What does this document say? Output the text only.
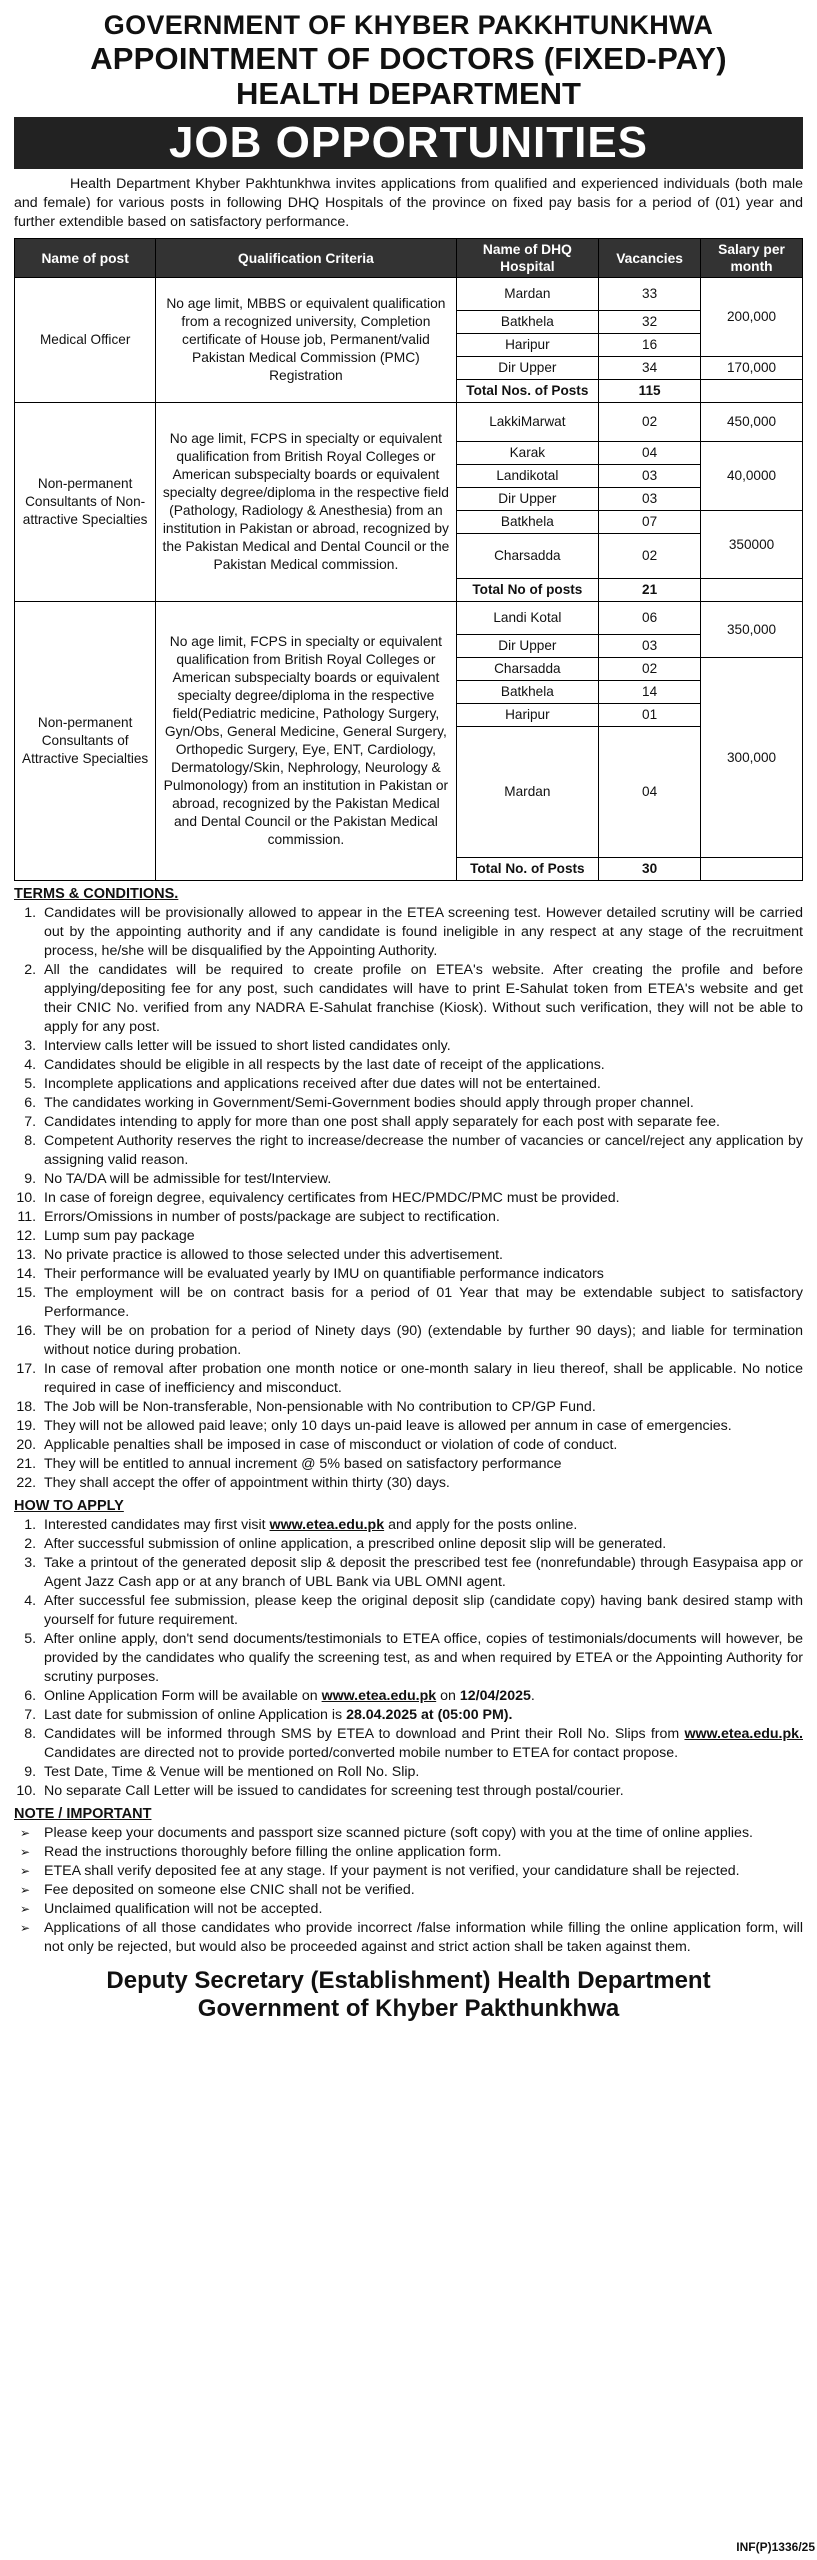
GOVERNMENT OF KHYBER PAKKHTUNKHWA
APPOINTMENT OF DOCTORS (FIXED-PAY)
HEALTH DEPARTMENT
JOB OPPORTUNITIES

Health Department Khyber Pakhtunkhwa invites applications from qualified and experienced individuals (both male and female) for various posts in following DHQ Hospitals of the province on fixed pay basis for a period of (01) year and further extendible based on satisfactory performance.

Name of post	Qualification Criteria	Name of DHQ Hospital	Vacancies	Salary per month
Medical Officer	No age limit, MBBS or equivalent qualification from a recognized university, Completion certificate of House job, Permanent/valid Pakistan Medical Commission (PMC) Registration	Mardan	33	200,000
		Batkhela	32	
		Haripur	16	
		Dir Upper	34	170,000
		Total Nos. of Posts	115	
Non-permanent Consultants of Non- attractive Specialties	No age limit, FCPS in specialty or equivalent qualification from British Royal Colleges or American subspecialty boards or equivalent specialty degree/diploma in the respective field (Pathology, Radiology & Anesthesia) from an institution in Pakistan or abroad, recognized by the Pakistan Medical and Dental Council or the Pakistan Medical commission.	LakkiMarwat	02	450,000
		Karak	04	40,0000
		Landikotal	03	
		Dir Upper	03	
		Batkhela	07	350000
		Charsadda	02	
		Total No of posts	21	
Non-permanent Consultants of Attractive Specialties	No age limit, FCPS in specialty or equivalent qualification from British Royal Colleges or American subspecialty boards or equivalent specialty degree/diploma in the respective field(Pediatric medicine, Pathology Surgery, Gyn/Obs, General Medicine, General Surgery, Orthopedic Surgery, Eye, ENT, Cardiology, Dermatology/Skin, Nephrology, Neurology & Pulmonology) from an institution in Pakistan or abroad, recognized by the Pakistan Medical and Dental Council or the Pakistan Medical commission.	Landi Kotal	06	350,000
		Dir Upper	03	
		Charsadda	02	300,000
		Batkhela	14	
		Haripur	01	
		Mardan	04	
		Total No. of Posts	30	
TERMS & CONDITIONS.
1. Candidates will be provisionally allowed to appear in the ETEA screening test. However detailed scrutiny will be carried out by the appointing authority and if any candidate is found ineligible in any respect at any stage of the recruitment process, he/she will be disqualified by the Appointing Authority.
2. All the candidates will be required to create profile on ETEA's website. After creating the profile and before applying/depositing fee for any post, such candidates will have to print E-Sahulat token from ETEA's website and get their CNIC No. verified from any NADRA E-Sahulat franchise (Kiosk). Without such verification, they will not be able to apply for any post.
3. Interview calls letter will be issued to short listed candidates only.
4. Candidates should be eligible in all respects by the last date of receipt of the applications.
5. Incomplete applications and applications received after due dates will not be entertained.
6. The candidates working in Government/Semi-Government bodies should apply through proper channel.
7. Candidates intending to apply for more than one post shall apply separately for each post with separate fee.
8. Competent Authority reserves the right to increase/decrease the number of vacancies or cancel/reject any application by assigning valid reason.
9. No TA/DA will be admissible for test/Interview.
10. In case of foreign degree, equivalency certificates from HEC/PMDC/PMC must be provided.
11. Errors/Omissions in number of posts/package are subject to rectification.
12. Lump sum pay package
13. No private practice is allowed to those selected under this advertisement.
14. Their performance will be evaluated yearly by IMU on quantifiable performance indicators
15. The employment will be on contract basis for a period of 01 Year that may be extendable subject to satisfactory Performance.
16. They will be on probation for a period of Ninety days (90) (extendable by further 90 days); and liable for termination without notice during probation.
17. In case of removal after probation one month notice or one-month salary in lieu thereof, shall be applicable. No notice required in case of inefficiency and misconduct.
18. The Job will be Non-transferable, Non-pensionable with No contribution to CP/GP Fund.
19. They will not be allowed paid leave; only 10 days un-paid leave is allowed per annum in case of emergencies.
20. Applicable penalties shall be imposed in case of misconduct or violation of code of conduct.
21. They will be entitled to annual increment @ 5% based on satisfactory performance
22. They shall accept the offer of appointment within thirty (30) days.
HOW TO APPLY
1. Interested candidates may first visit www.etea.edu.pk and apply for the posts online.
2. After successful submission of online application, a prescribed online deposit slip will be generated.
3. Take a printout of the generated deposit slip & deposit the prescribed test fee (nonrefundable) through Easypaisa app or Agent Jazz Cash app or at any branch of UBL Bank via UBL OMNI agent.
4. After successful fee submission, please keep the original deposit slip (candidate copy) having bank desired stamp with yourself for future requirement.
5. After online apply, don't send documents/testimonials to ETEA office, copies of testimonials/documents will however, be provided by the candidates who qualify the screening test, as and when required by ETEA or the Appointing Authority for scrutiny purposes.
6. Online Application Form will be available on www.etea.edu.pk on 12/04/2025.
7. Last date for submission of online Application is 28.04.2025 at (05:00 PM).
8. Candidates will be informed through SMS by ETEA to download and Print their Roll No. Slips from www.etea.edu.pk. Candidates are directed not to provide ported/converted mobile number to ETEA for contact propose.
9. Test Date, Time & Venue will be mentioned on Roll No. Slip.
10. No separate Call Letter will be issued to candidates for screening test through postal/courier.
NOTE / IMPORTANT
➢ Please keep your documents and passport size scanned picture (soft copy) with you at the time of online applies.
➢ Read the instructions thoroughly before filling the online application form.
➢ ETEA shall verify deposited fee at any stage. If your payment is not verified, your candidature shall be rejected.
➢ Fee deposited on someone else CNIC shall not be verified.
➢ Unclaimed qualification will not be accepted.
➢ Applications of all those candidates who provide incorrect /false information while filling the online application form, will not only be rejected, but would also be proceeded against and strict action shall be taken against them.
Deputy Secretary (Establishment) Health Department
Government of Khyber Pakthunkhwa
INF(P)1336/25
